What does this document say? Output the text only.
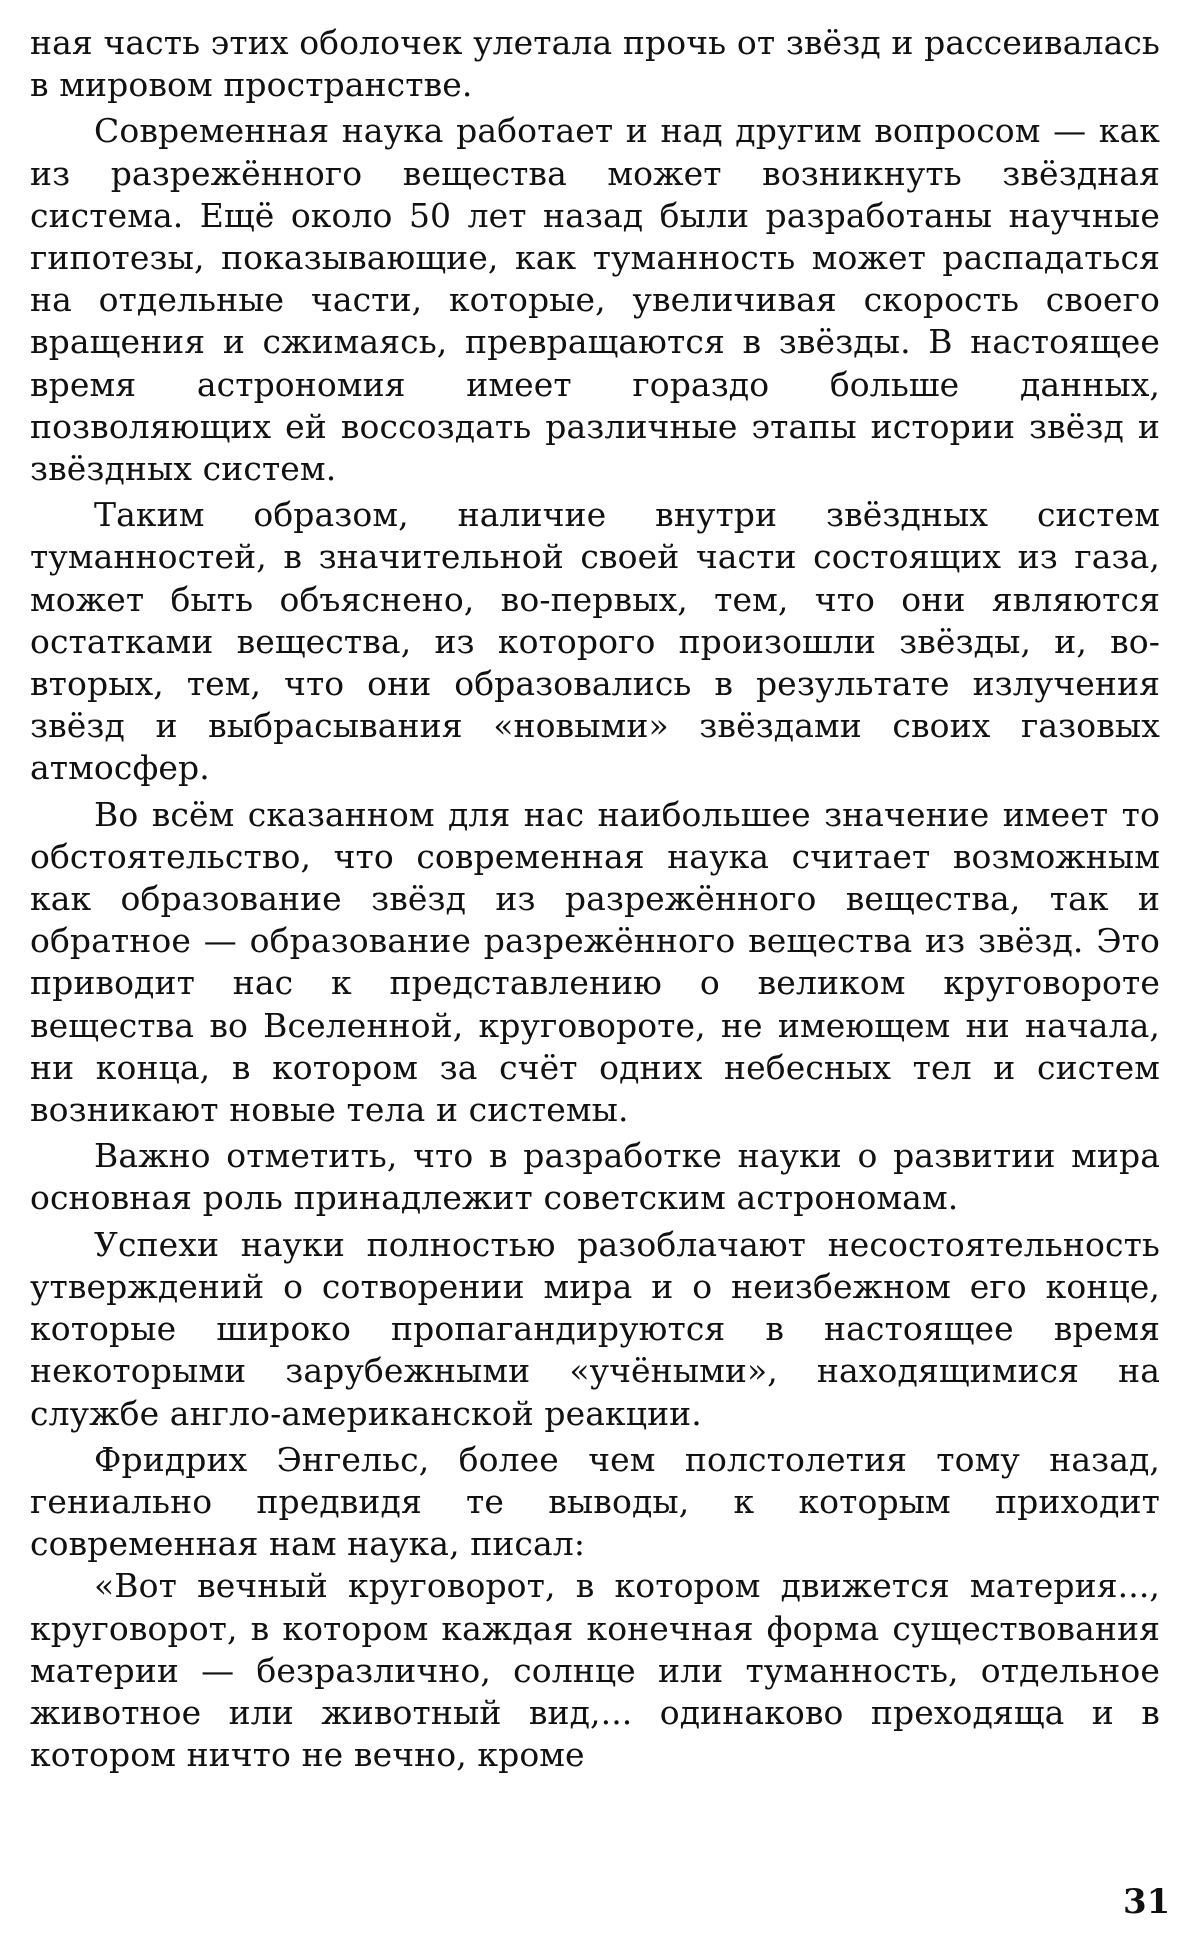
ная часть этих оболочек улетала прочь от звёзд и рассеивалась в мировом пространстве.

Современная наука работает и над другим вопросом — как из разрежённого вещества может возникнуть звёздная система. Ещё около 50 лет назад были разработаны научные гипотезы, показывающие, как туманность может распадаться на отдельные части, которые, увеличивая скорость своего вращения и сжимаясь, превращаются в звёзды. В настоящее время астрономия имеет гораздо больше данных, позволяющих ей воссоздать различные этапы истории звёзд и звёздных систем.

Таким образом, наличие внутри звёздных систем туманностей, в значительной своей части состоящих из газа, может быть объяснено, во-первых, тем, что они являются остатками вещества, из которого произошли звёзды, и, во-вторых, тем, что они образовались в результате излучения звёзд и выбрасывания «новыми» звёздами своих газовых атмосфер.

Во всём сказанном для нас наибольшее значение имеет то обстоятельство, что современная наука считает возможным как образование звёзд из разрежённого вещества, так и обратное — образование разрежённого вещества из звёзд. Это приводит нас к представлению о великом круговороте вещества во Вселенной, круговороте, не имеющем ни начала, ни конца, в котором за счёт одних небесных тел и систем возникают новые тела и системы.

Важно отметить, что в разработке науки о развитии мира основная роль принадлежит советским астрономам.

Успехи науки полностью разоблачают несостоятельность утверждений о сотворении мира и о неизбежном его конце, которые широко пропагандируются в настоящее время некоторыми зарубежными «учёными», находящимися на службе англо-американской реакции.

Фридрих Энгельс, более чем полстолетия тому назад, гениально предвидя те выводы, к которым приходит современная нам наука, писал:

«Вот вечный круговорот, в котором движется материя..., круговорот, в котором каждая конечная форма существования материи — безразлично, солнце или туманность, отдельное животное или животный вид,... одинаково преходяща и в котором ничто не вечно, кроме

31
